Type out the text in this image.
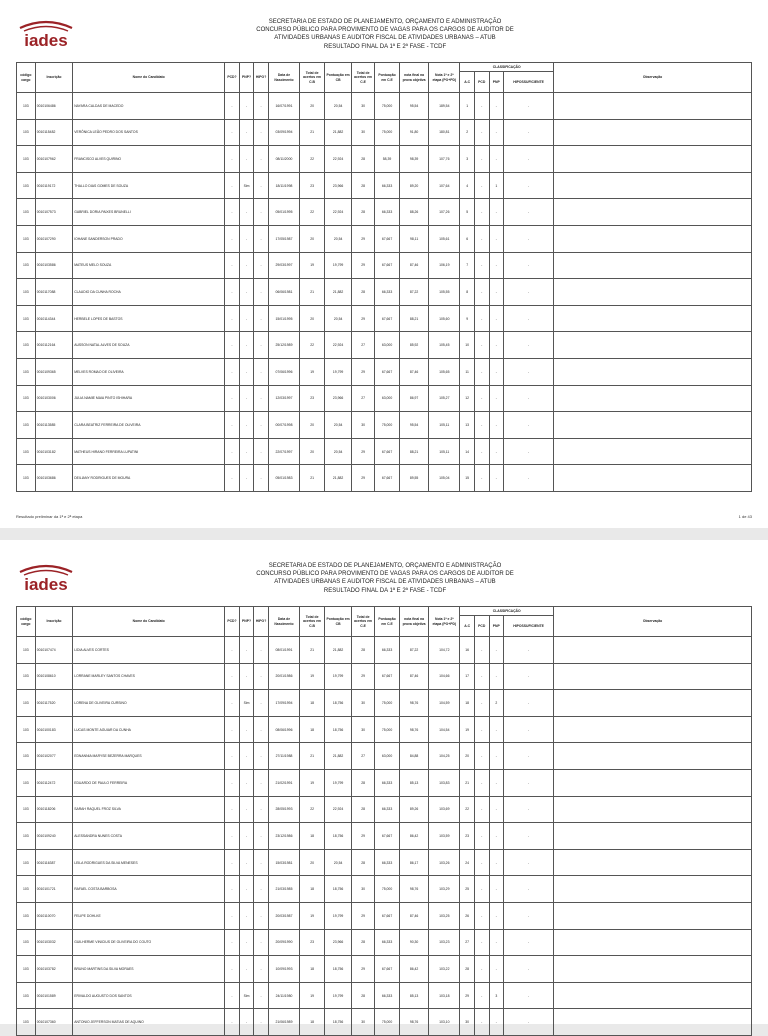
iades
SECRETARIA DE ESTADO DE PLANEJAMENTO, ORÇAMENTO E ADMINISTRAÇÃO
CONCURSO PÚBLICO PARA PROVIMENTO DE VAGAS PARA OS CARGOS DE AUDITOR DE
ATIVIDADES URBANAS E AUDITOR FISCAL DE ATIVIDADES URBANAS – ATUB
RESULTADO FINAL DA 1ª E 2ª FASE - TCDF
código cargo	Inscrição	Nome do Candidato	PCD?	PNP?	HIPO?	Data de Nascimento	Total de acertos em C.B	Pontuação em CB	Total de acertos em C.E	Pontuação em C.E	nota final na prova objetiva	Nota 1ª e 2ª etapa (PO+PD)	CLASSIFICAÇÃO				Observação
													A.C	PCD	PNP	HIPOSSUFICIENTE	
103	0010106486	NAYARA CALDAS DE MACEDO	-	-	-	16/07/1991	20	20,54	30	75,000	95,54	189,54	1	-	-	-	
103	0010115482	VERÔNICA LEÃO PEDRO DOS SANTOS	-	-	-	03/09/1994	21	21,882	30	75,000	91,80	180,81	2	-	-	-	
103	0010107962	FRANCISCO ALVES QUIRINO	-	-	-	08/11/2000	22	22,924	28	58,39	98,39	107,76	3	-	-	-	
103	0010119172	THALLO DIAS GOMES DE SOUZA	-	Sim	-	18/11/1998	23	23,966	28	66,333	89,20	107,64	4	-	1	-	
103	0010107573	GABRIEL DORIA PAIXES BRUNELLI	-	-	-	05/01/1995	22	22,924	28	66,333	88,26	107,26	5	-	-	-	
103	0010107290	IOHANE SANDERSON PRADO	-	-	-	17/05/1987	20	20,54	29	67,667	98,11	105,61	6	-	-	-	
103	0010103586	MATEUS MELO SOUZA	-	-	-	29/03/1997	19	19,799	29	67,667	87,46	106,19	7	-	-	-	
103	0010117088	CLAUDIO DA CUNHA ROCHA	-	-	-	06/06/1981	21	21,882	28	66,333	87,22	105,55	8	-	-	-	
103	0010114344	HERBELE LOPES DE BASTOS	-	-	-	15/01/1995	20	20,54	29	67,667	88,21	105,60	9	-	-	-	
103	0010112164	AUSSON NATAL ALVES DE SOUZA	-	-	-	25/12/1989	22	22,924	27	63,000	85,92	105,45	10	-	-	-	
103	0010109365	MELVES ROMAO DE OLIVEIRA	-	-	-	07/06/1996	19	19,799	29	67,667	87,46	105,65	11	-	-	-	
103	0010103006	JULIA NAMIE MAIA PINTO ISHIHARA	-	-	-	12/03/1997	23	23,966	27	63,000	86,97	105,27	12	-	-	-	
103	0010113585	CLARA BEATRIZ FERREIRA DE OLIVEIRA	-	-	-	00/07/1998	20	20,54	30	75,000	95,54	105,11	13	-	-	-	
103	0010103182	MATHEUS HIRANO FERREIRA LUPATINI	-	-	-	22/07/1997	20	20,54	29	67,667	88,21	105,11	14	-	-	-	
103	0010103686	DEILIANY RODRIGUES DE MOURA	-	-	-	05/01/1983	21	21,882	29	67,667	89,55	105,04	15	-	-	-	
Resultado preliminar da 1ª e 2ª etapa	1 de 43
iades
SECRETARIA DE ESTADO DE PLANEJAMENTO, ORÇAMENTO E ADMINISTRAÇÃO
CONCURSO PÚBLICO PARA PROVIMENTO DE VAGAS PARA OS CARGOS DE AUDITOR DE
ATIVIDADES URBANAS E AUDITOR FISCAL DE ATIVIDADES URBANAS – ATUB
RESULTADO FINAL DA 1ª E 2ª FASE - TCDF
código cargo	Inscrição	Nome do Candidato	PCD?	PNP?	HIPO?	Data de Nascimento	Total de acertos em C.B	Pontuação em CB	Total de acertos em C.E	Pontuação em C.E	nota final na prova objetiva	Nota 1ª e 2ª etapa (PO+PD)	CLASSIFICAÇÃO				Observação
													A.C	PCD	PNP	HIPOSSUFICIENTE	
103	0010107474	LIDIA ALVES CORTES	-	-	-	08/01/1991	21	21,882	28	66,333	87,22	104,72	16	-	-	-	
103	0010108610	LORRANE MARLEY SANTOS CHAVES	-	-	-	20/01/1986	19	19,799	29	67,667	87,46	104,66	17	-	-	-	
103	0010117520	LORENA DE OLIVEIRA CURSINO	-	Sim	-	17/09/1994	18	18,756	30	75,000	98,76	104,59	18	-	2	-	
103	0010100183	LUCAS MONTE AGUIAR DA CUNHA	-	-	-	08/06/1996	18	18,756	30	75,000	98,76	104,54	19	-	-	-	
103	0010102077	EDNANNIA MARYSE BEZERRA MARQUES	-	-	-	27/11/1988	21	21,882	27	63,000	84,88	104,25	20	-	-	-	
103	0010112472	EDUARDO DE PAULO FERREIRA	-	-	-	21/02/1991	19	19,799	28	66,333	85,13	103,83	21	-	-	-	
103	0010118206	SARAH RAQUEL FROZ SILVA	-	-	-	28/05/1993	22	22,924	28	66,333	89,26	103,69	22	-	-	-	
103	0010109240	ALESSANDRA NUNES COSTA	-	-	-	23/12/1986	18	18,756	29	67,667	86,42	103,59	23	-	-	-	
103	0010116387	LEILA RODRIGUES DA SILVA MENESES	-	-	-	15/03/1981	20	20,54	28	66,333	86,17	103,26	24	-	-	-	
103	0010101721	RAFAEL COSTA BARBOSA	-	-	-	21/03/1985	18	18,756	30	75,000	98,76	103,29	25	-	-	-	
103	0010110070	FELIPE DOHLKE	-	-	-	20/03/1987	19	19,799	29	67,667	87,46	103,25	26	-	-	-	
103	0010103032	GUILHERME VINICIUS DE OLIVEIRA DO COUTO	-	-	-	20/09/1990	23	23,966	28	66,333	90,30	103,23	27	-	-	-	
103	0010103782	BRUNO MARTINS DA SILVA MORAES	-	-	-	10/09/1993	18	18,756	29	67,667	86,42	103,22	28	-	-	-	
103	0010101589	ERIVALDO AUGUSTO DOS SANTOS	-	Sim	-	24/11/1980	19	19,799	28	66,333	85,13	103,18	29	-	3	-	
103	0010107360	ANTONIO JEFFERSON MATIAS DE AQUINO	-	-	-	21/06/1989	18	18,756	30	75,000	98,76	103,10	30	-	-	-	
